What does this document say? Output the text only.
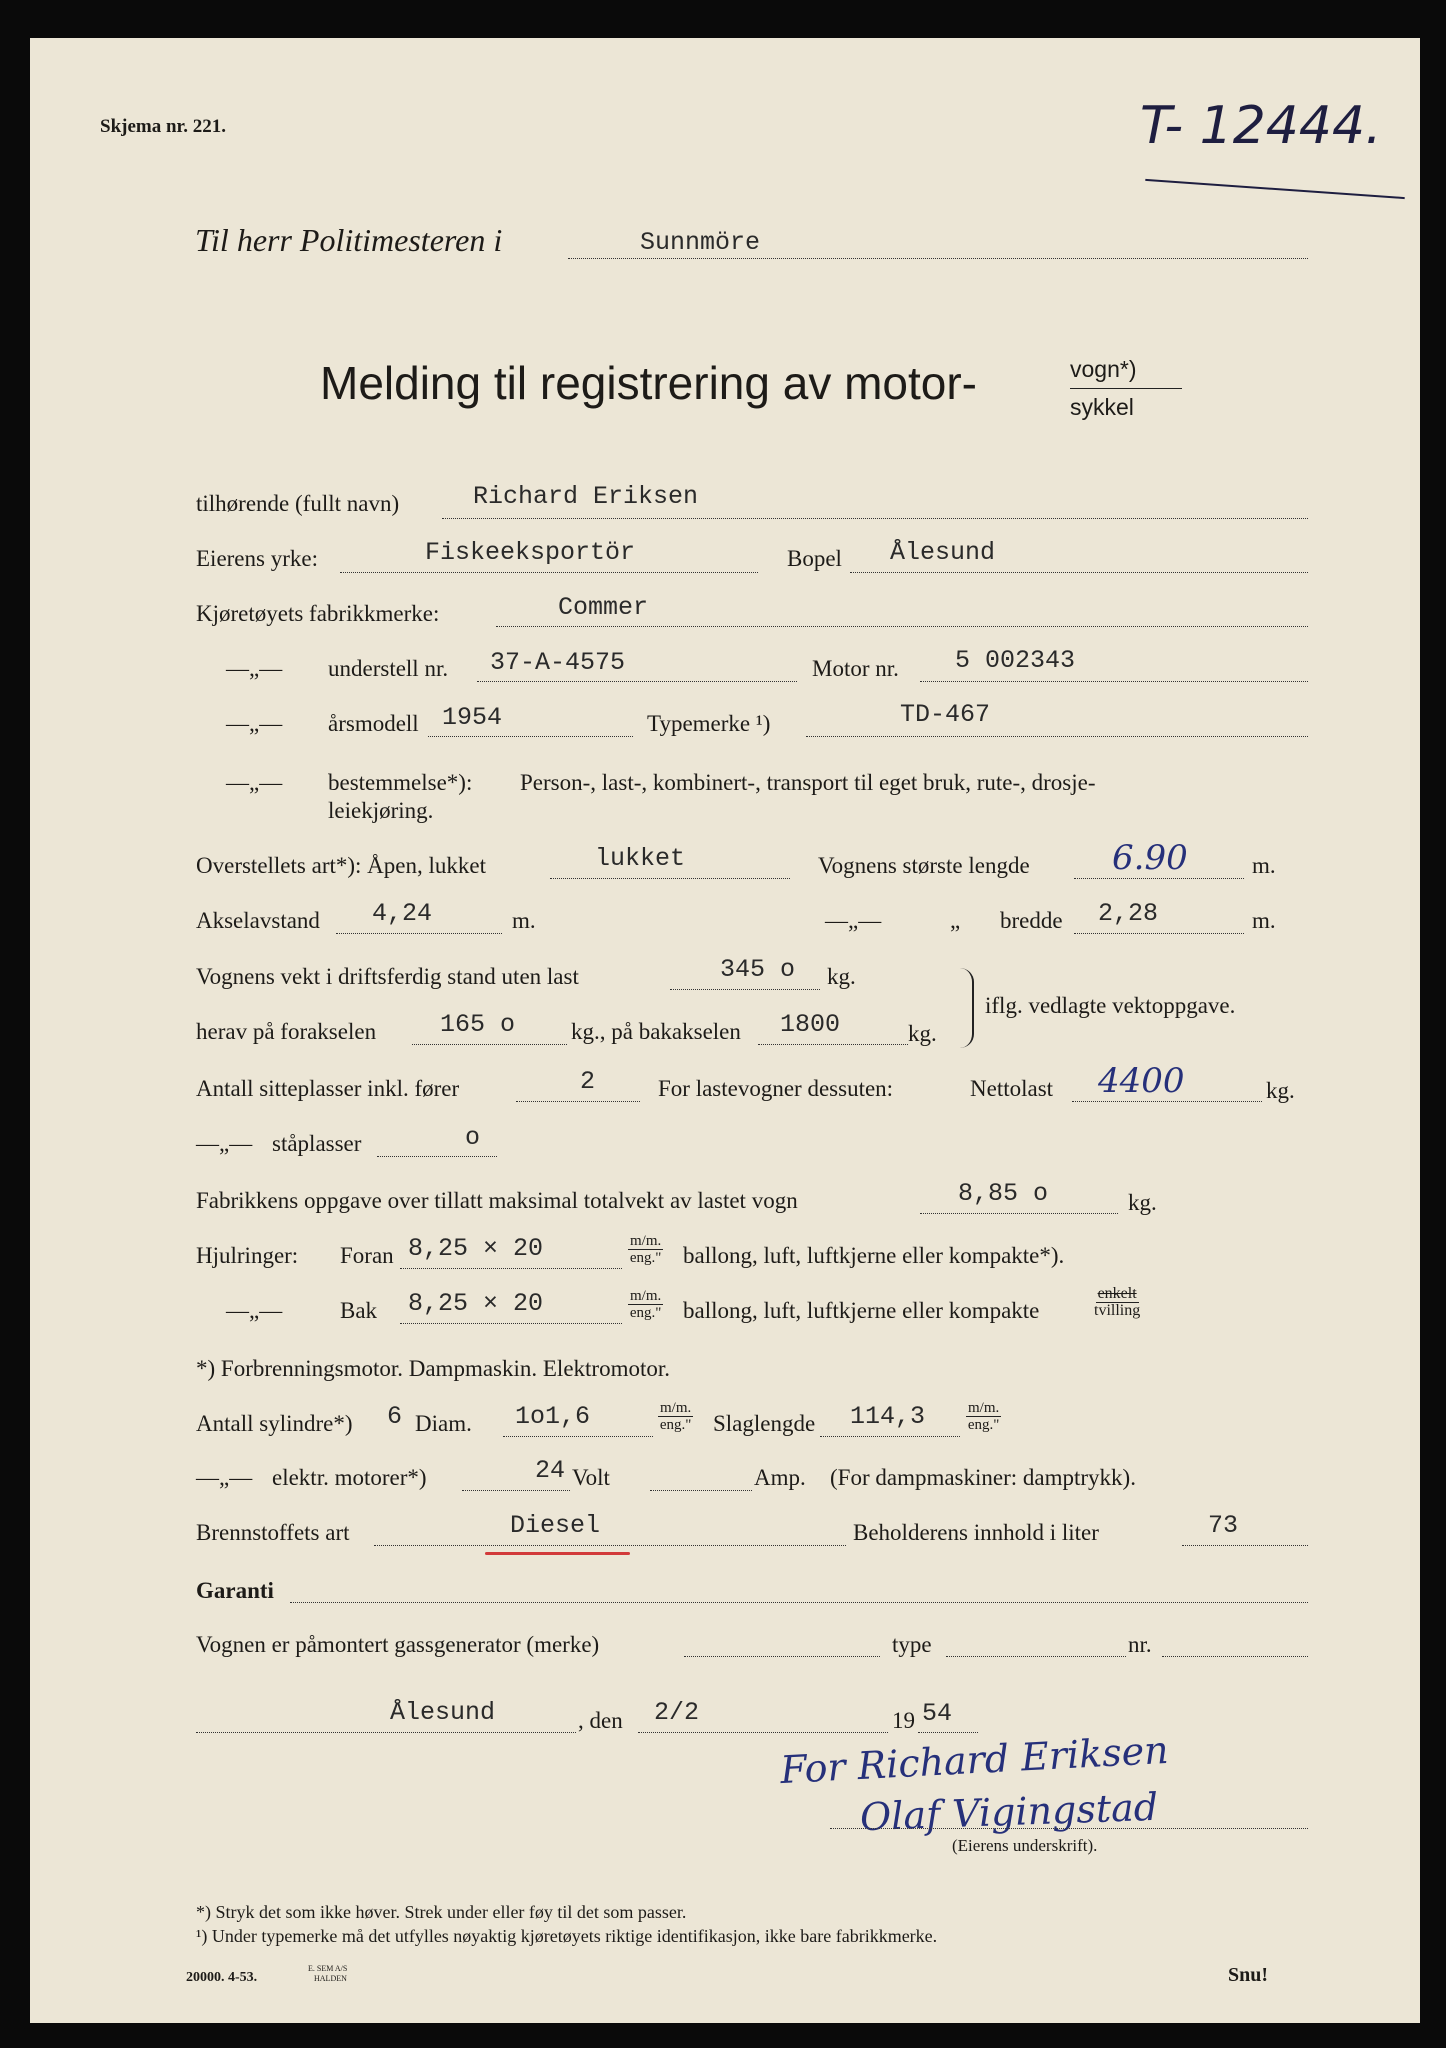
Skjema nr. 221.	T- 12444.
Til herr Politimesteren i	Sunnmöre
Melding til registrering av motor-	vogn*)
sykkel
tilhørende (fullt navn)	Richard Eriksen
Eierens yrke:	Fiskeeksportör	Bopel Ålesund
Kjøretøyets fabrikkmerke:	Commer
—„— understell nr. 37-A-4575	Motor nr. 5 002343
—„— årsmodell 1954	Typemerke ¹)	TD-467
—„— bestemmelse*): Person-, last-, kombinert-, transport til eget bruk, rute-, drosje-
leiekjøring.
Overstellets art*): Åpen, lukket	lukket	Vognens største lengde 6.90	m.
Akselavstand 4,24	m.	—„—	„ bredde 2,28	m.
Vognens vekt i driftsferdig stand uten last	345 o kg.
herav på forakselen	165 o kg., på bakakselen 1800	kg.
iflg. vedlagte vektoppgave.
Antall sitteplasser inkl. fører	2	For lastevogner dessuten:	Nettolast 4400	kg.
—„— ståplasser	o
Fabrikkens oppgave over tillatt maksimal totalvekt av lastet vogn	8,85 o	kg.
Hjulringer: Foran 8,25 × 20	m/m.
eng." ballong, luft, luftkjerne eller kompakte*).
—„—	Bak 8,25 × 20	m/m.
eng." ballong, luft, luftkjerne eller kompakte
enkelt
tvilling
*) Forbrenningsmotor. Dampmaskin. Elektromotor.
Antall sylindre*) 6 Diam. 1o1,6	m/m.
eng." Slaglengde 114,3	m/m.
eng."
—„— elektr. motorer*)	24 Volt	Amp. (For dampmaskiner: damptrykk).
Brennstoffets art	Diesel	Beholderens innhold i liter	73
Garanti
Vognen er påmontert gassgenerator (merke)	type	nr.
Ålesund	, den 2/2	19 54
For Richard Eriksen
Olaf Vigingstad
(Eierens underskrift).
*) Stryk det som ikke høver. Strek under eller føy til det som passer.
¹) Under typemerke må det utfylles nøyaktig kjøretøyets riktige identifikasjon, ikke bare fabrikkmerke.
20000. 4-53.
E. SEM A/S
HALDEN	Snu!
